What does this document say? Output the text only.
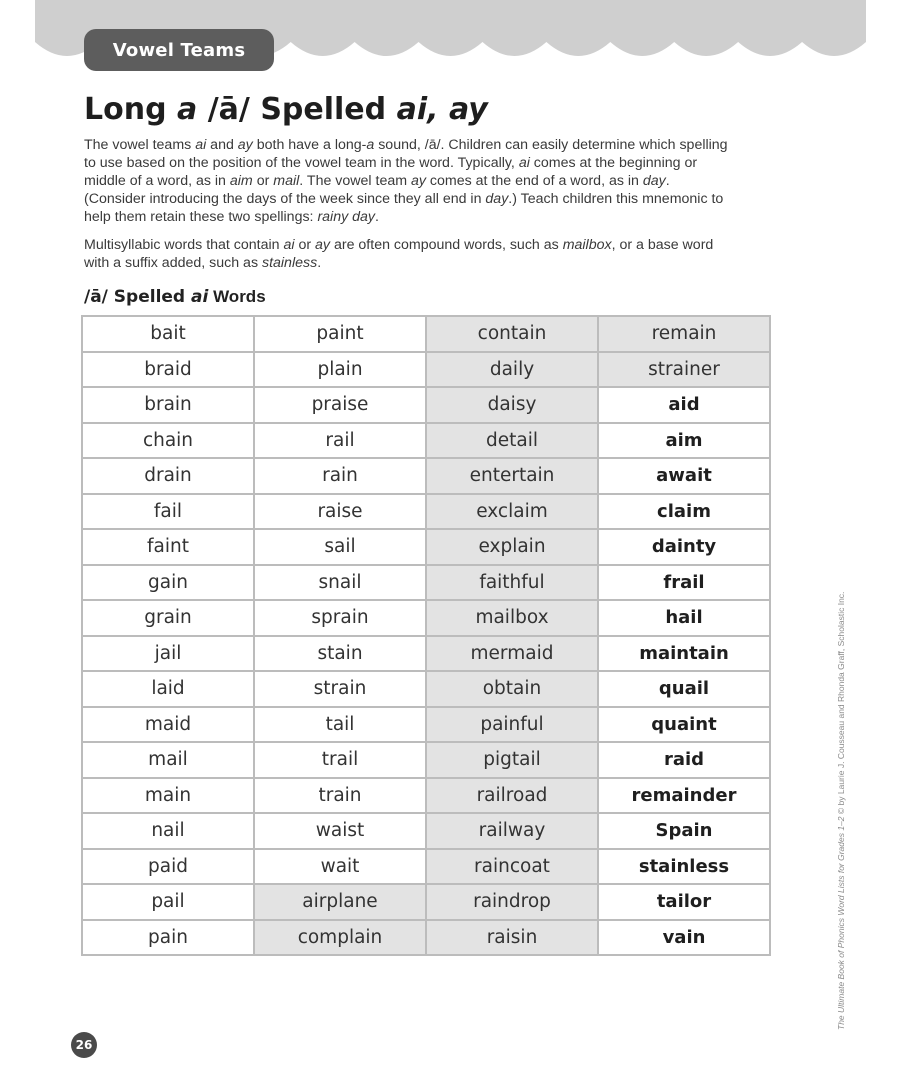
Vowel Teams
Long a /ā/ Spelled ai, ay

The vowel teams ai and ay both have a long-a sound, /ā/. Children can easily determine which spelling to use based on the position of the vowel team in the word. Typically, ai comes at the beginning or middle of a word, as in aim or mail. The vowel team ay comes at the end of a word, as in day. (Consider introducing the days of the week since they all end in day.) Teach children this mnemonic to help them retain these two spellings: rainy day.

Multisyllabic words that contain ai or ay are often compound words, such as mailbox, or a base word with a suffix added, such as stainless.

/ā/ Spelled ai Words
bait	paint	contain	remain
braid	plain	daily	strainer
brain	praise	daisy	aid
chain	rail	detail	aim
drain	rain	entertain	await
fail	raise	exclaim	claim
faint	sail	explain	dainty
gain	snail	faithful	frail
grain	sprain	mailbox	hail
jail	stain	mermaid	maintain
laid	strain	obtain	quail
maid	tail	painful	quaint
mail	trail	pigtail	raid
main	train	railroad	remainder
nail	waist	railway	Spain
paid	wait	raincoat	stainless
pail	airplane	raindrop	tailor
pain	complain	raisin	vain
26
The Ultimate Book of Phonics Word Lists for Grades 1–2 © by Laurie J. Cousseau and Rhonda Graff, Scholastic Inc.
